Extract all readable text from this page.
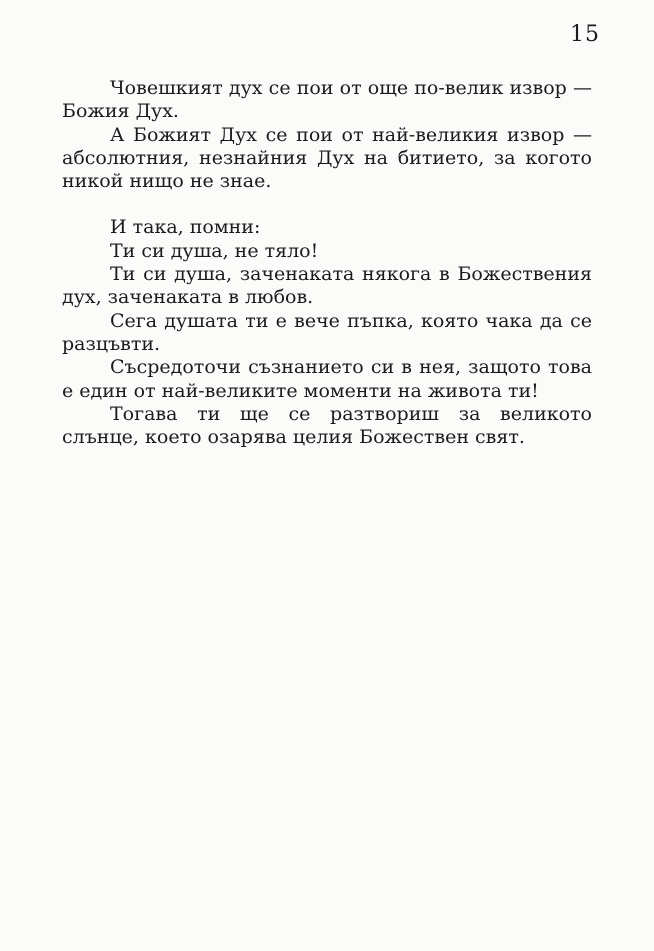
15

Човешкият дух се пои от още по-велик извор — Божия Дух.

А Божият Дух се пои от най-великия извор — абсолютния, незнайния Дух на битието, за когото никой нищо не знае.

И така, помни:

Ти си душа, не тяло!

Ти си душа, заченаката някога в Божествения дух, заченаката в любов.

Сега душата ти е вече пъпка, която чака да се разцъвти.

Съсредоточи съзнанието си в нея, защото това е един от най-великите моменти на живота ти!

Тогава ти ще се разтвориш за великото слънце, което озарява целия Божествен свят.
